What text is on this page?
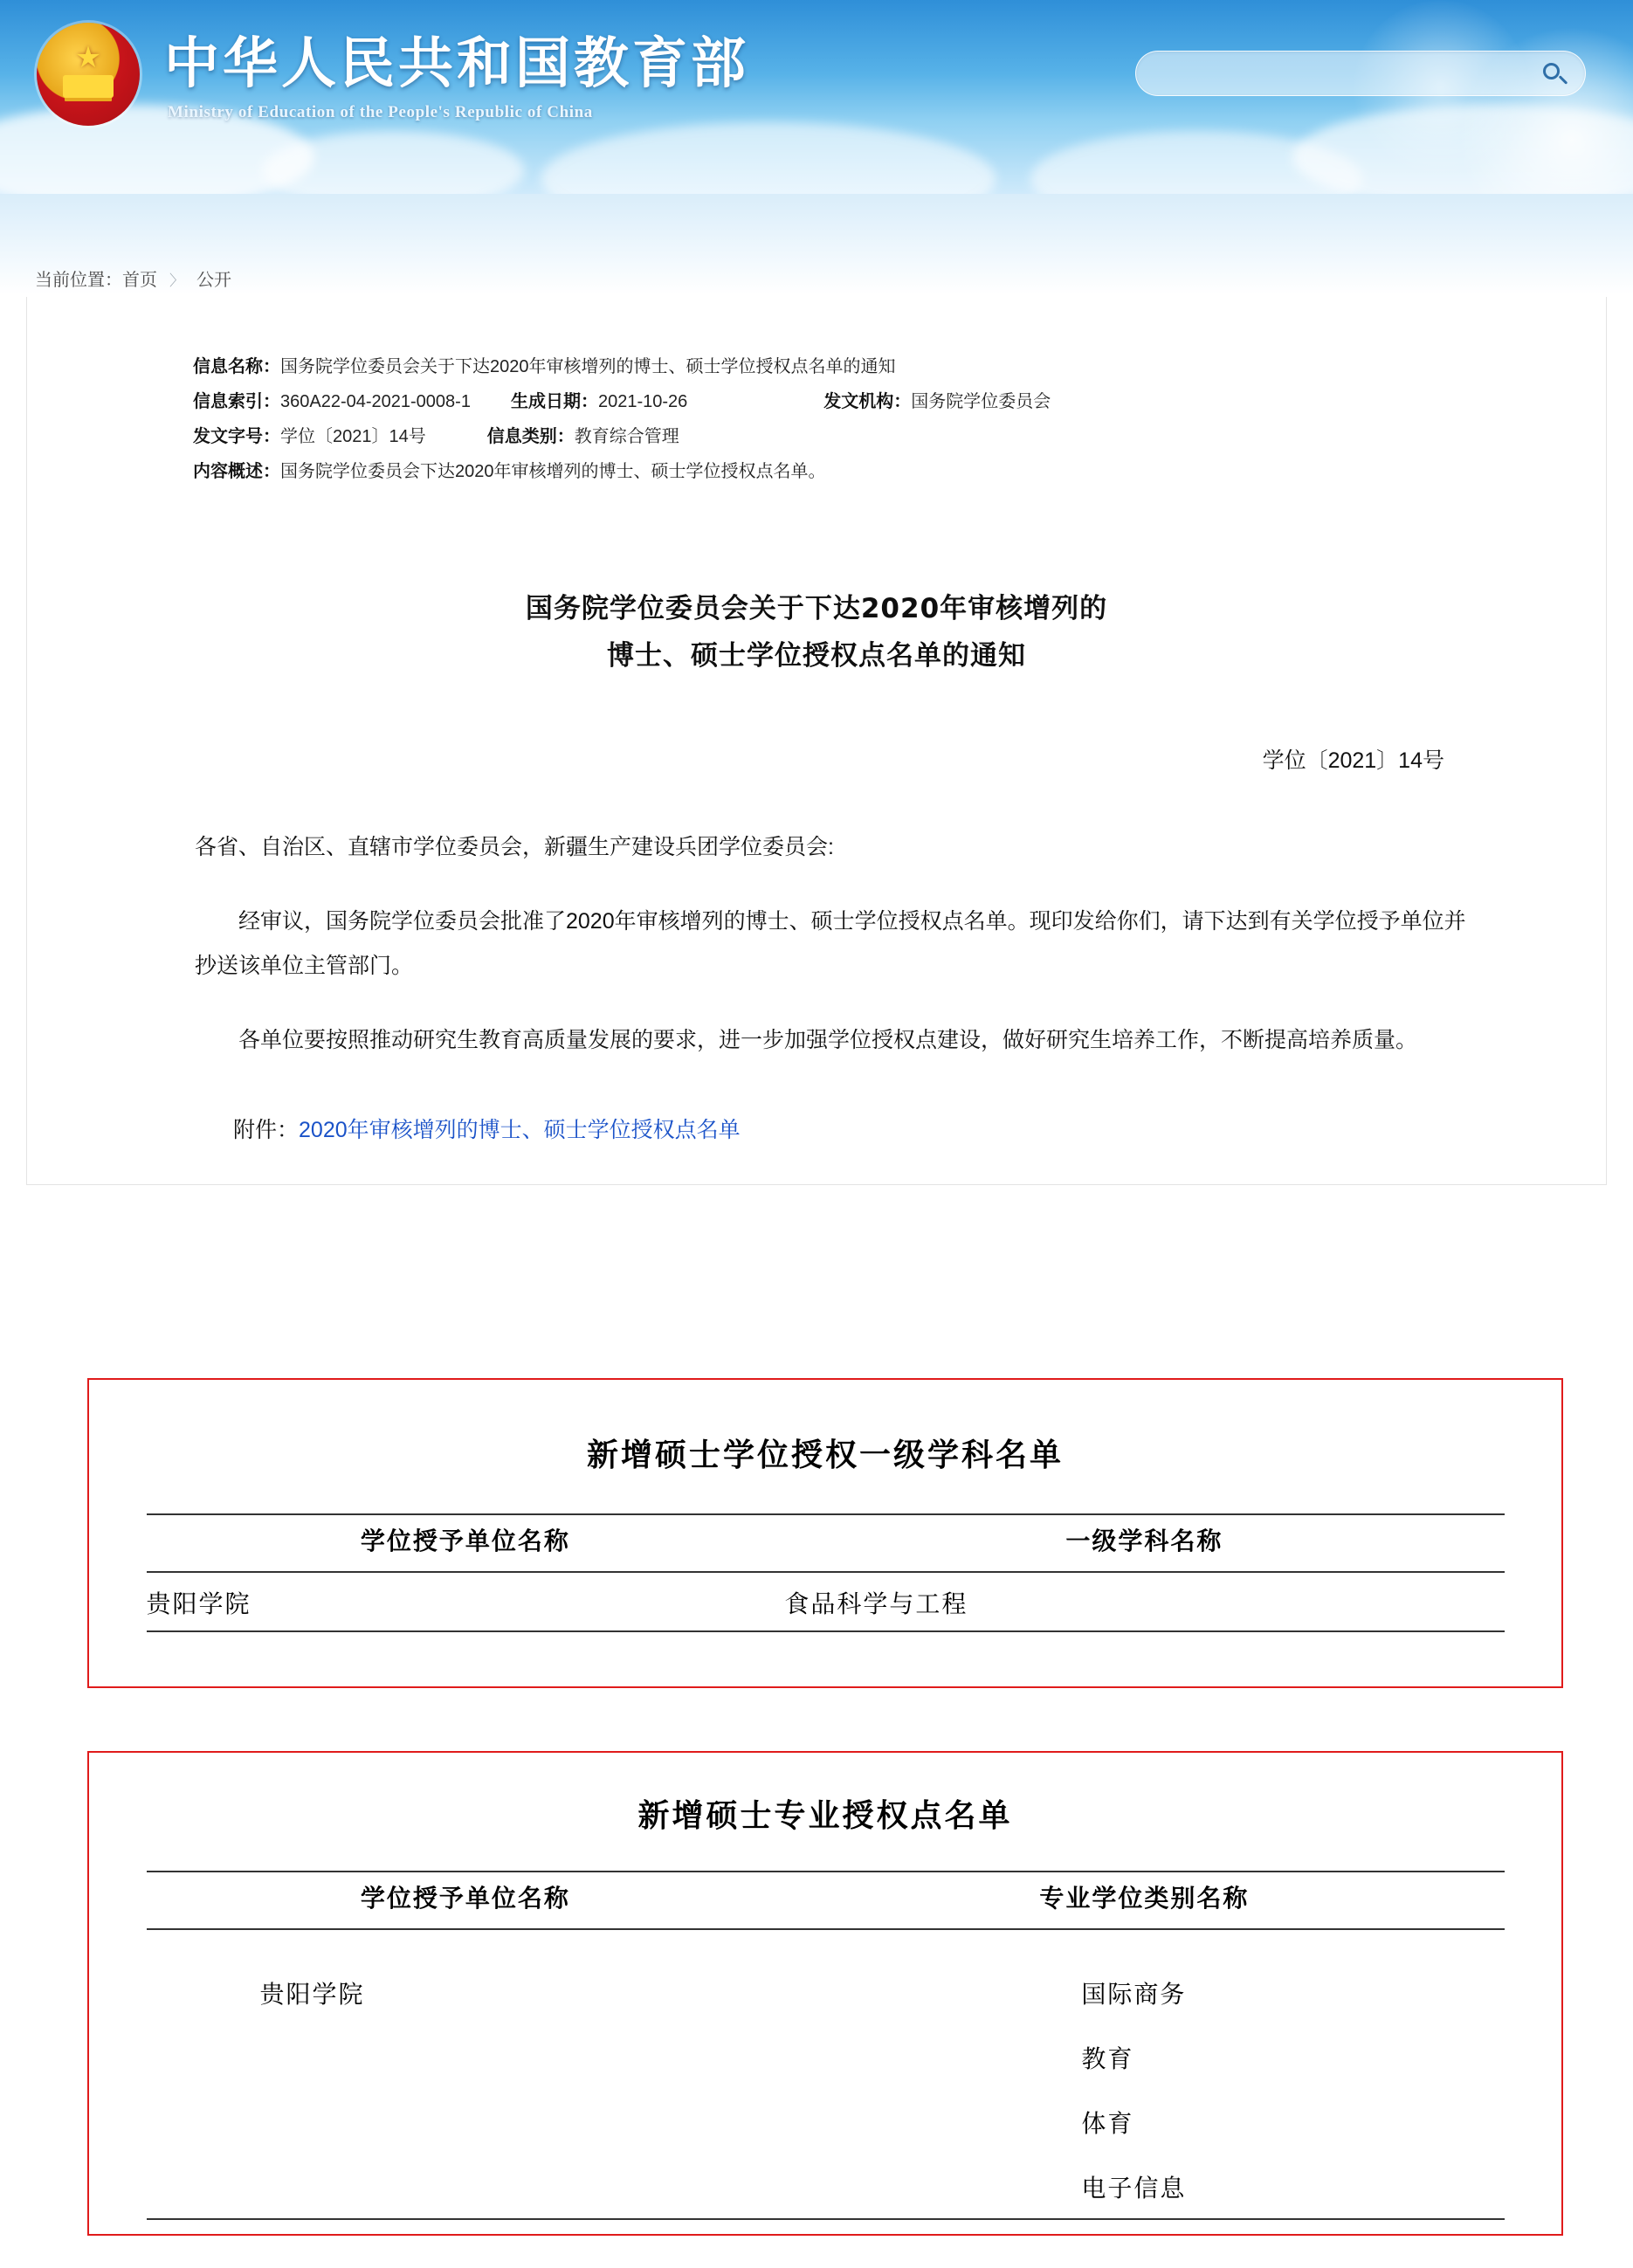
★ 中华人民共和国教育部
Ministry of Education of the People's Republic of China
当前位置：首页 〉 公开
信息名称：国务院学位委员会关于下达2020年审核增列的博士、硕士学位授权点名单的通知
信息索引：360A22-04-2021-0008-1 生成日期：2021-10-26	发文机构：国务院学位委员会
发文字号：学位〔2021〕14号	信息类别：教育综合管理
内容概述：国务院学位委员会下达2020年审核增列的博士、硕士学位授权点名单。
国务院学位委员会关于下达2020年审核增列的
博士、硕士学位授权点名单的通知
学位〔2021〕14号

各省、自治区、直辖市学位委员会，新疆生产建设兵团学位委员会:

经审议，国务院学位委员会批准了2020年审核增列的博士、硕士学位授权点名单。现印发给你们，请下达到有关学位授予单位并抄送该单位主管部门。

各单位要按照推动研究生教育高质量发展的要求，进一步加强学位授权点建设，做好研究生培养工作，不断提高培养质量。

附件：2020年审核增列的博士、硕士学位授权点名单
新增硕士学位授权一级学科名单
学位授予单位名称	一级学科名称
贵阳学院	食品科学与工程
新增硕士专业授权点名单
学位授予单位名称	专业学位类别名称

贵阳学院	国际商务
	教育
	体育
	电子信息
